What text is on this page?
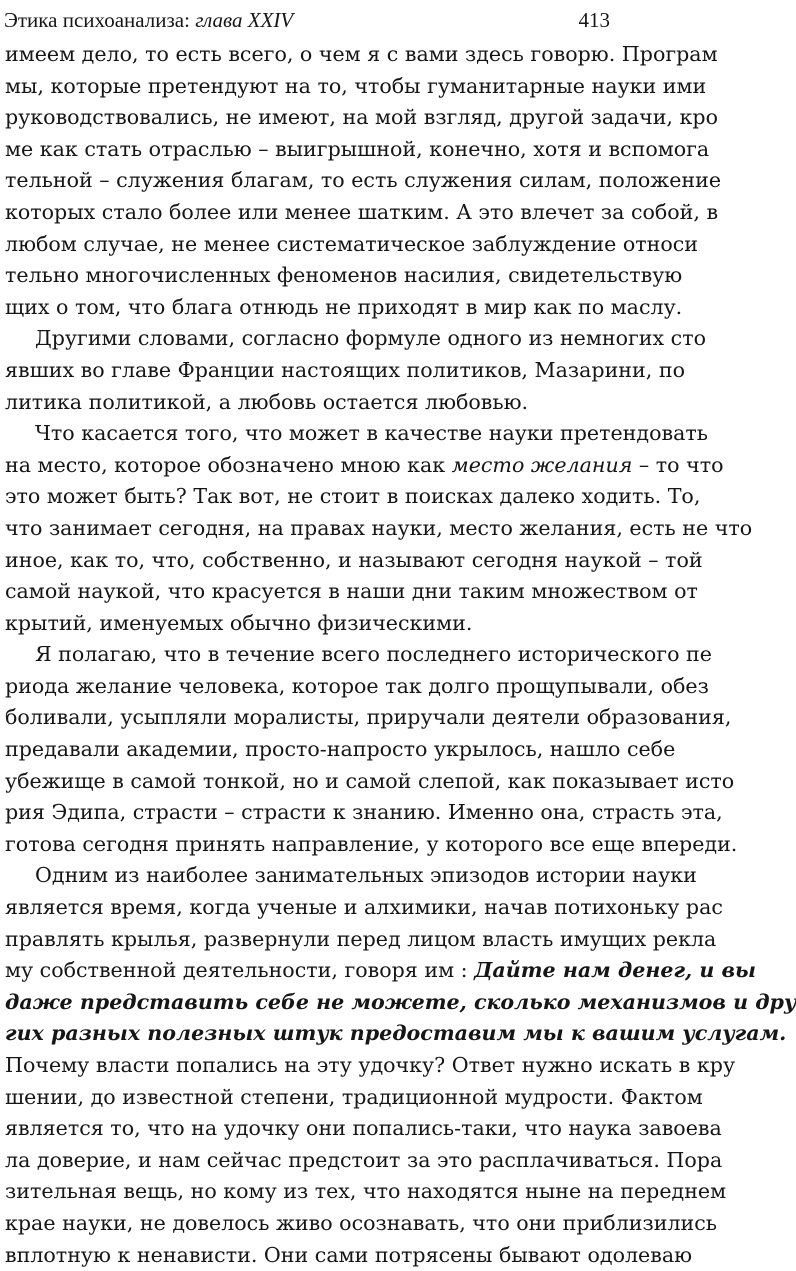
Этика психоанализа: глава XXIV	413
имеем дело, то есть всего, о чем я с вами здесь говорю. Програм
мы, которые претендуют на то, чтобы гуманитарные науки ими
руководствовались, не имеют, на мой взгляд, другой задачи, кро
ме как стать отраслью – выигрышной, конечно, хотя и вспомога
тельной – служения благам, то есть служения силам, положение
которых стало более или менее шатким. А это влечет за собой, в
любом случае, не менее систематическое заблуждение относи
тельно многочисленных феноменов насилия, свидетельствую
щих о том, что блага отнюдь не приходят в мир как по маслу.
Другими словами, согласно формуле одного из немногих сто
явших во главе Франции настоящих политиков, Мазарини, по
литика политикой, а любовь остается любовью.
Что касается того, что может в качестве науки претендовать
на место, которое обозначено мною как место желания – то что
это может быть? Так вот, не стоит в поисках далеко ходить. То,
что занимает сегодня, на правах науки, место желания, есть не что
иное, как то, что, собственно, и называют сегодня наукой – той
самой наукой, что красуется в наши дни таким множеством от
крытий, именуемых обычно физическими.
Я полагаю, что в течение всего последнего исторического пе
риода желание человека, которое так долго прощупывали, обез
боливали, усыпляли моралисты, приручали деятели образования,
предавали академии, просто-напросто укрылось, нашло себе
убежище в самой тонкой, но и самой слепой, как показывает исто
рия Эдипа, страсти – страсти к знанию. Именно она, страсть эта,
готова сегодня принять направление, у которого все еще впереди.
Одним из наиболее занимательных эпизодов истории науки
является время, когда ученые и алхимики, начав потихоньку рас
правлять крылья, развернули перед лицом власть имущих рекла
му собственной деятельности, говоря им : Дайте нам денег, и вы
даже представить себе не можете, сколько механизмов и дру
гих разных полезных штук предоставим мы к вашим услугам.
Почему власти попались на эту удочку? Ответ нужно искать в кру
шении, до известной степени, традиционной мудрости. Фактом
является то, что на удочку они попались-таки, что наука завоева
ла доверие, и нам сейчас предстоит за это расплачиваться. Пора
зительная вещь, но кому из тех, что находятся ныне на переднем
крае науки, не довелось живо осознавать, что они приблизились
вплотную к ненависти. Они сами потрясены бывают одолеваю
